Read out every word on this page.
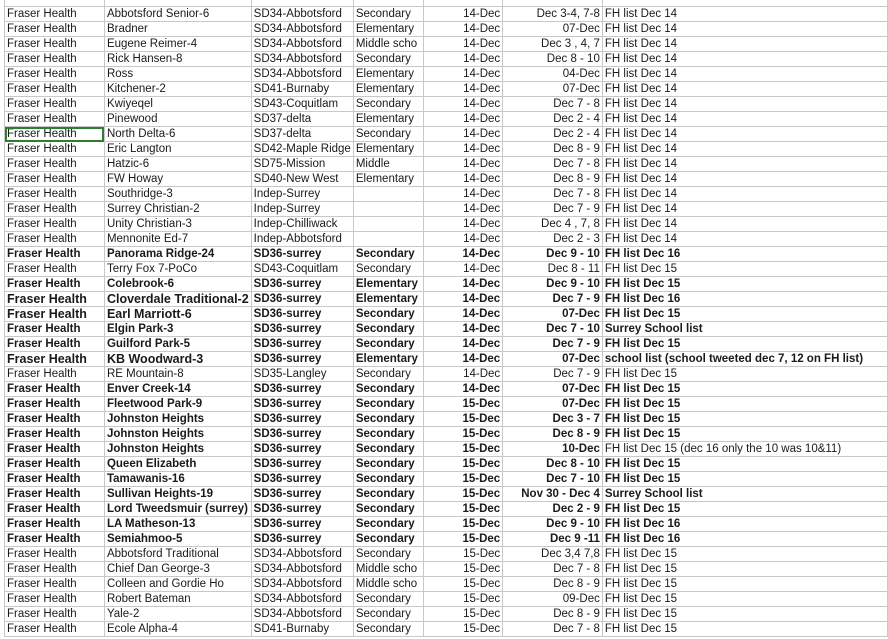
Fraser Health	Abbotsford Senior-6	SD34-Abbotsford	Secondary	14-Dec	Dec 3-4, 7-8	FH list Dec 14
Fraser Health	Bradner	SD34-Abbotsford	Elementary	14-Dec	07-Dec	FH list Dec 14
Fraser Health	Eugene Reimer-4	SD34-Abbotsford	Middle scho	14-Dec	Dec 3 , 4, 7	FH list Dec 14
Fraser Health	Rick Hansen-8	SD34-Abbotsford	Secondary	14-Dec	Dec 8 - 10	FH list Dec 14
Fraser Health	Ross	SD34-Abbotsford	Elementary	14-Dec	04-Dec	FH list Dec 14
Fraser Health	Kitchener-2	SD41-Burnaby	Elementary	14-Dec	07-Dec	FH list Dec 14
Fraser Health	Kwiyeqel	SD43-Coquitlam	Secondary	14-Dec	Dec 7 - 8	FH list Dec 14
Fraser Health	Pinewood	SD37-delta	Elementary	14-Dec	Dec 2 - 4	FH list Dec 14
Fraser Health	North Delta-6	SD37-delta	Secondary	14-Dec	Dec 2 - 4	FH list Dec 14
Fraser Health	Eric Langton	SD42-Maple Ridge	Elementary	14-Dec	Dec 8 - 9	FH list Dec 14
Fraser Health	Hatzic-6	SD75-Mission	Middle	14-Dec	Dec 7 - 8	FH list Dec 14
Fraser Health	FW Howay	SD40-New West	Elementary	14-Dec	Dec 8 - 9	FH list Dec 14
Fraser Health	Southridge-3	Indep-Surrey		14-Dec	Dec 7 - 8	FH list Dec 14
Fraser Health	Surrey Christian-2	Indep-Surrey		14-Dec	Dec 7 - 9	FH list Dec 14
Fraser Health	Unity Christian-3	Indep-Chilliwack		14-Dec	Dec 4 , 7, 8	FH list Dec 14
Fraser Health	Mennonite Ed-7	Indep-Abbotsford		14-Dec	Dec 2 - 3	FH list Dec 14
Fraser Health	Panorama Ridge-24	SD36-surrey	Secondary	14-Dec	Dec 9 - 10	FH list Dec 16
Fraser Health	Terry Fox 7-PoCo	SD43-Coquitlam	Secondary	14-Dec	Dec 8 - 11	FH list Dec 15
Fraser Health	Colebrook-6	SD36-surrey	Elementary	14-Dec	Dec 9 - 10	FH list Dec 15
Fraser Health	Cloverdale Traditional-2	SD36-surrey	Elementary	14-Dec	Dec 7 - 9	FH list Dec 16
Fraser Health	Earl Marriott-6	SD36-surrey	Secondary	14-Dec	07-Dec	FH list Dec 15
Fraser Health	Elgin Park-3	SD36-surrey	Secondary	14-Dec	Dec 7 - 10	Surrey School list
Fraser Health	Guilford Park-5	SD36-surrey	Secondary	14-Dec	Dec 7 - 9	FH list Dec 15
Fraser Health	KB Woodward-3	SD36-surrey	Elementary	14-Dec	07-Dec	school list (school tweeted dec 7, 12 on FH list)
Fraser Health	RE Mountain-8	SD35-Langley	Secondary	14-Dec	Dec 7 - 9	FH list Dec 15
Fraser Health	Enver Creek-14	SD36-surrey	Secondary	14-Dec	07-Dec	FH list Dec 15
Fraser Health	Fleetwood Park-9	SD36-surrey	Secondary	15-Dec	07-Dec	FH list Dec 15
Fraser Health	Johnston Heights	SD36-surrey	Secondary	15-Dec	Dec 3 - 7	FH list Dec 15
Fraser Health	Johnston Heights	SD36-surrey	Secondary	15-Dec	Dec 8 - 9	FH list Dec 15
Fraser Health	Johnston Heights	SD36-surrey	Secondary	15-Dec	10-Dec	FH list Dec 15 (dec 16 only the 10 was 10&11)
Fraser Health	Queen Elizabeth	SD36-surrey	Secondary	15-Dec	Dec 8 - 10	FH list Dec 15
Fraser Health	Tamawanis-16	SD36-surrey	Secondary	15-Dec	Dec 7 - 10	FH list Dec 15
Fraser Health	Sullivan Heights-19	SD36-surrey	Secondary	15-Dec	Nov 30 - Dec 4	Surrey School list
Fraser Health	Lord Tweedsmuir (surrey)	SD36-surrey	Secondary	15-Dec	Dec 2 - 9	FH list Dec 15
Fraser Health	LA Matheson-13	SD36-surrey	Secondary	15-Dec	Dec 9 - 10	FH list Dec 16
Fraser Health	Semiahmoo-5	SD36-surrey	Secondary	15-Dec	Dec 9 -11	FH list Dec 16
Fraser Health	Abbotsford Traditional	SD34-Abbotsford	Secondary	15-Dec	Dec 3,4 7,8	FH list Dec 15
Fraser Health	Chief Dan George-3	SD34-Abbotsford	Middle scho	15-Dec	Dec 7 - 8	FH list Dec 15
Fraser Health	Colleen and Gordie Ho	SD34-Abbotsford	Middle scho	15-Dec	Dec 8 - 9	FH list Dec 15
Fraser Health	Robert Bateman	SD34-Abbotsford	Secondary	15-Dec	09-Dec	FH list Dec 15
Fraser Health	Yale-2	SD34-Abbotsford	Secondary	15-Dec	Dec 8 - 9	FH list Dec 15
Fraser Health	Ecole Alpha-4	SD41-Burnaby	Secondary	15-Dec	Dec 7 - 8	FH list Dec 15
